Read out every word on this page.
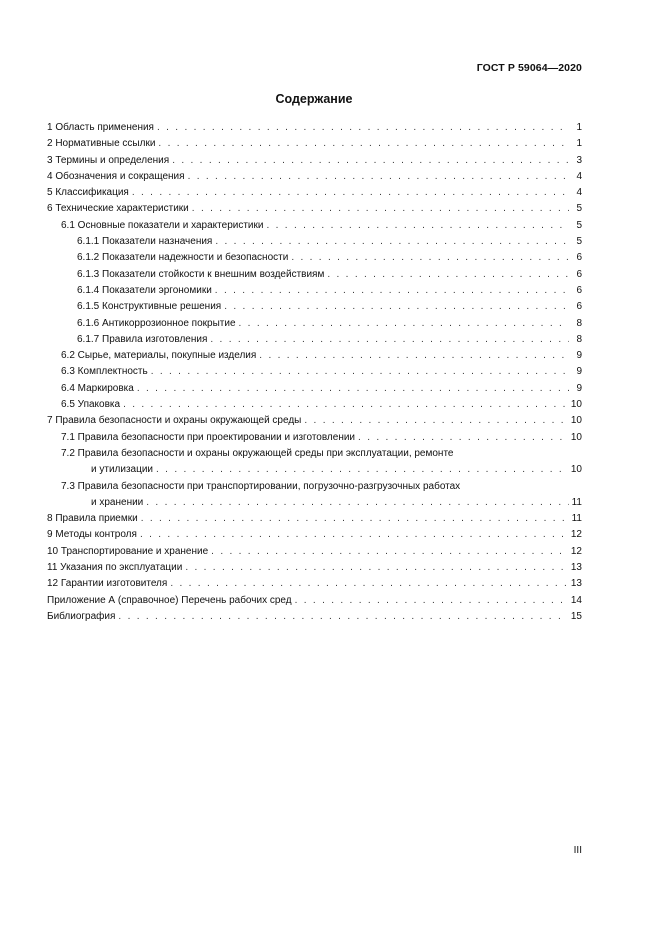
ГОСТ Р 59064—2020
Содержание
1 Область применения . . .	1
2 Нормативные ссылки . . .	1
3 Термины и определения . . .	3
4 Обозначения и сокращения . . .	4
5 Классификация . . .	4
6 Технические характеристики . . .	5
6.1 Основные показатели и характеристики . . .	5
6.1.1 Показатели назначения . . .	5
6.1.2 Показатели надежности и безопасности . . .	6
6.1.3 Показатели стойкости к внешним воздействиям . . .	6
6.1.4 Показатели эргономики . . .	6
6.1.5 Конструктивные решения . . .	6
6.1.6 Антикоррозионное покрытие . . .	8
6.1.7 Правила изготовления . . .	8
6.2 Сырье, материалы, покупные изделия . . .	9
6.3 Комплектность . . .	9
6.4 Маркировка . . .	9
6.5 Упаковка . . .	10
7 Правила безопасности и охраны окружающей среды . . .	10
7.1 Правила безопасности при проектировании и изготовлении . . .	10
7.2 Правила безопасности и охраны окружающей среды при эксплуатации, ремонте
и утилизации . . .	10
7.3 Правила безопасности при транспортировании, погрузочно-разгрузочных работах
и хранении . . .	11
8 Правила приемки . . .	11
9 Методы контроля . . .	12
10 Транспортирование и хранение . . .	12
11 Указания по эксплуатации . . .	13
12 Гарантии изготовителя . . .	13
Приложение А (справочное) Перечень рабочих сред . . .	14
Библиография . . .	15
III
